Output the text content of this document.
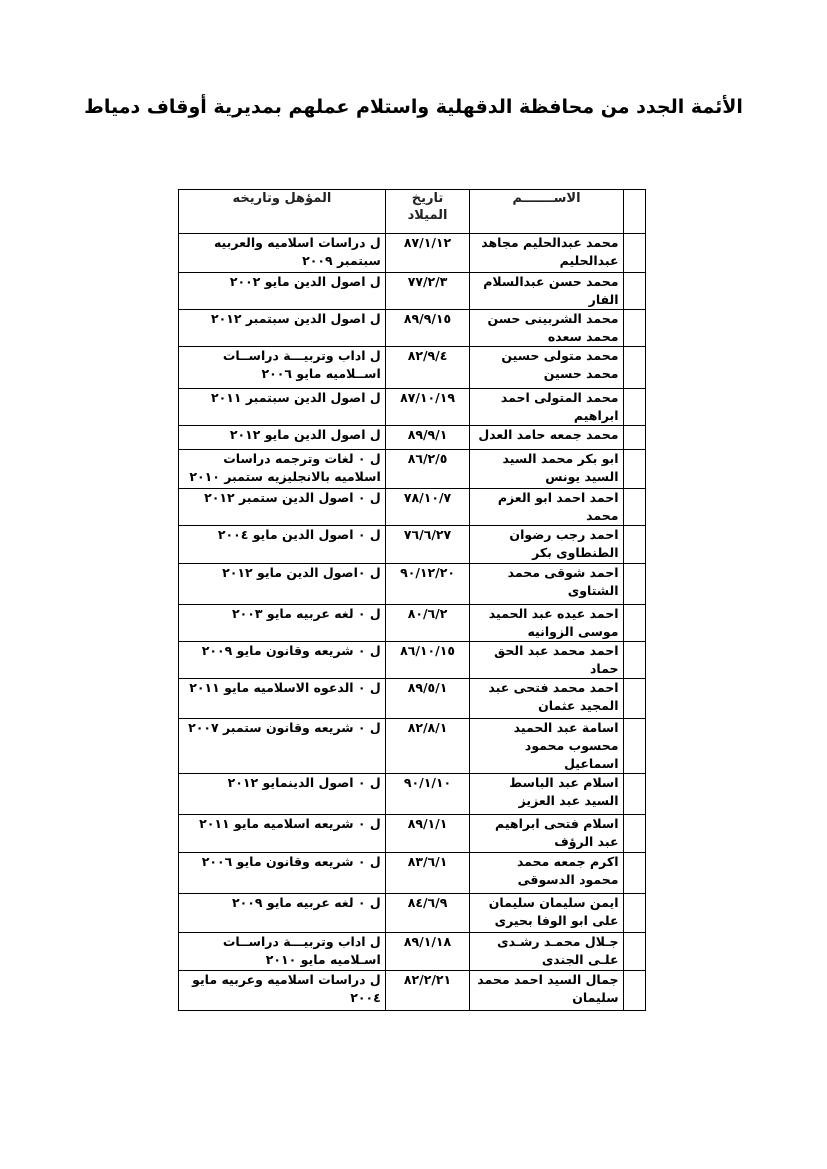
الأئمة الجدد من محافظة الدقهلية واستلام عملهم بمديرية أوقاف دمياط
	الاســـــــم	تاريخ الميلاد	المؤهل وتاريخه
	محمد عبدالحليم مجاهد عبدالحليم	٨٧/١/١٢	ل دراسات اسلاميه والعربيه سبتمبر ٢٠٠٩
	محمد حسن عبدالسلام الفار	٧٧/٢/٣	ل اصول الدين مايو ٢٠٠٢
	محمد الشربينى حسن محمد سعده	٨٩/٩/١٥	ل اصول الدين سبتمبر ٢٠١٢
	محمد متولى حسين محمد حسين	٨٢/٩/٤	ل اداب وتربيـــة دراســات اســلاميه مايو ٢٠٠٦
	محمد المتولى احمد ابراهيم	٨٧/١٠/١٩	ل اصول الدين سبتمبر ٢٠١١
	محمد جمعه حامد العدل	٨٩/٩/١	ل اصول الدين مايو ٢٠١٢
	ابو بكر محمد السيد السيد يونس	٨٦/٢/٥	ل ٠ لغات وترجمه دراسات اسلاميه بالانجليزيه ستمبر ٢٠١٠
	احمد احمد ابو العزم محمد	٧٨/١٠/٧	ل ٠ اصول الدين ستمبر ٢٠١٢
	احمد رجب رضوان الطنطاوى بكر	٧٦/٦/٢٧	ل ٠ اصول الدين مايو ٢٠٠٤
	احمد شوقى محمد الشتاوى	٩٠/١٢/٢٠	ل ٠اصول الدين مايو ٢٠١٢
	احمد عيده عبد الحميد موسى الزوانيه	٨٠/٦/٢	ل ٠ لغه عربيه مايو ٢٠٠٣
	احمد محمد عبد الحق حماد	٨٦/١٠/١٥	ل ٠ شريعه وقانون مايو ٢٠٠٩
	احمد محمد فتحى عبد المجيد عثمان	٨٩/٥/١	ل ٠ الدعوه الاسلاميه مايو ٢٠١١
	اسامة عبد الحميد محسوب محمود اسماعيل	٨٢/٨/١	ل ٠ شريعه وقانون ستمبر ٢٠٠٧
	اسلام عبد الباسط السيد عبد العزيز	٩٠/١/١٠	ل ٠ اصول الدينمايو ٢٠١٢
	اسلام فتحى ابراهيم عبد الرؤف	٨٩/١/١	ل ٠ شريعه اسلاميه مايو ٢٠١١
	اكرم جمعه محمد محمود الدسوقى	٨٣/٦/١	ل ٠ شريعه وقانون مايو ٢٠٠٦
	ايمن سليمان سليمان على ابو الوفا بحيرى	٨٤/٦/٩	ل ٠ لغه عربيه مايو ٢٠٠٩
	جـلال محمـد رشـدى علـى الجندى	٨٩/١/١٨	ل اداب وتربيـــة دراســات اسـلاميه مايو ٢٠١٠
	جمال السيد احمد محمد سليمان	٨٢/٢/٢١	ل دراسات اسلاميه وعربيه مايو ٢٠٠٤
